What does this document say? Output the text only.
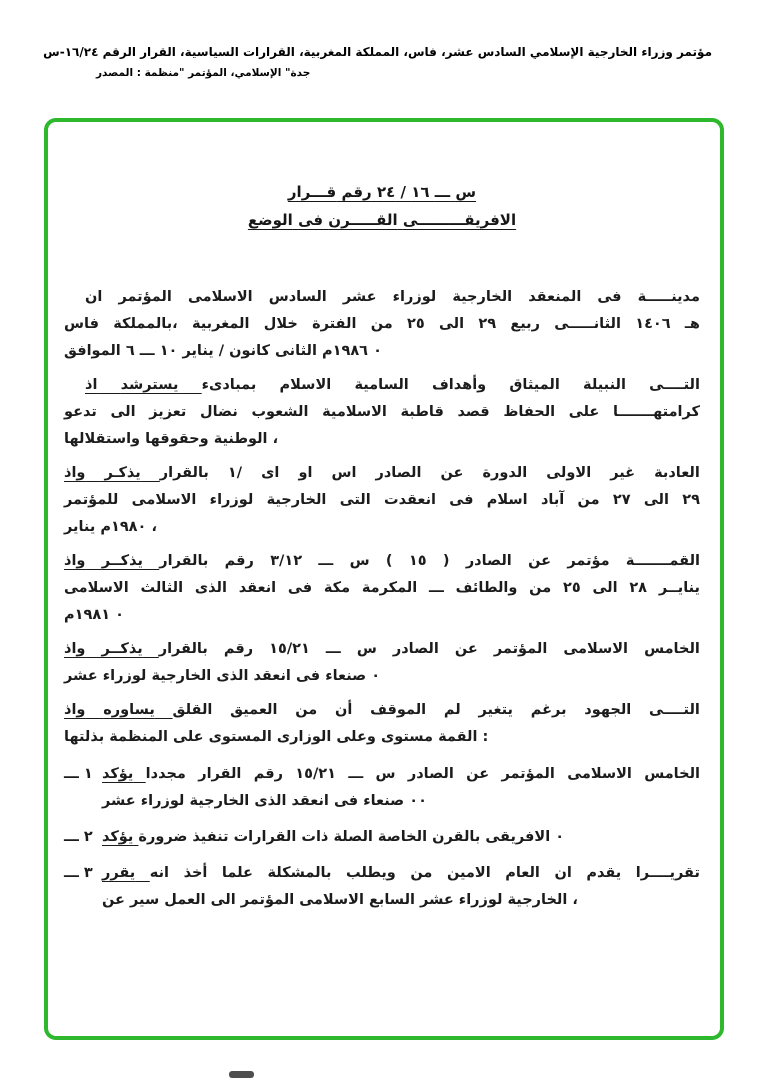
مؤتمر وزراء الخارجية الإسلامي السادس عشر، فاس، المملكة المغربية، القرارات السياسية، القرار الرقم ١٦/٢٤-س
المصدر : "منظمة المؤتمر الإسلامي، جدة"
قـــرار رقم ٢٤ / ١٦ ـــ س
الوضع فى القـــــرن الافريقـــــــــى
ان المؤتمر الاسلامى السادس عشر لوزراء الخارجية المنعقد فى مدينـــــة
فاس ،بالمملكة المغربية خلال الفترة من ٢٥ الى ٢٩ ربيع الثانـــــى ١٤٠٦ هـ
الموافق ٦ ـــ ١٠ يناير / كانون الثانى ١٩٨٦م ٠
اذ يسترشد بمبادىء الاسلام السامية وأهداف الميثاق النبيلة التــــى
تدعو الى تعزيز نضال الشعوب الاسلامية قاطبة قصد الحفاظ على كرامتهـــــــا
واستقلالها وحقوقها الوطنية ،
واذ يذكـر بالقرار ١/ اى او اس الصادر عن الدورة الاولى غير العادبة
للمؤتمر الاسلامى لوزراء الخارجية التى انعقدت فى اسلام آباد من ٢٧ الى ٢٩
يناير ١٩٨٠م ،
واذ يذكــر بالقرار رقم ٣/١٢ ـــ س ( ١٥ ) الصادر عن مؤتمر القمـــــــة
الاسلامى الثالث الذى انعقد فى مكة المكرمة ـــ والطائف من ٢٥ الى ٢٨ ينايــر
١٩٨١م ٠
واذ يذكــر بالقرار رقم ١٥/٢١ ـــ س الصادر عن المؤتمر الاسلامى الخامس
عشر لوزراء الخارجية الذى انعقد فى صنعاء ٠
واذ يساوره القلق العميق من أن الموقف لم يتغير برغم الجهود التــــى
بذلتها المنظمة على المستوى الوزارى وعلى مستوى القمة :
١ ـــ يؤكد مجددا القرار رقم ١٥/٢١ ـــ س الصادر عن المؤتمر الاسلامى الخامس
عشر لوزراء الخارجية الذى انعقد فى صنعاء ٠٠
٢ ـــ يؤكد ضرورة تنفيذ القرارات ذات الصلة الخاصة بالقرن الافريقى ٠
٣ ـــ يقرر انه أخذ علما بالمشكلة ويطلب من الامين العام ان يقدم تقريــــرا
عن سير العمل الى المؤتمر الاسلامى السابع عشر لوزراء الخارجية ،
